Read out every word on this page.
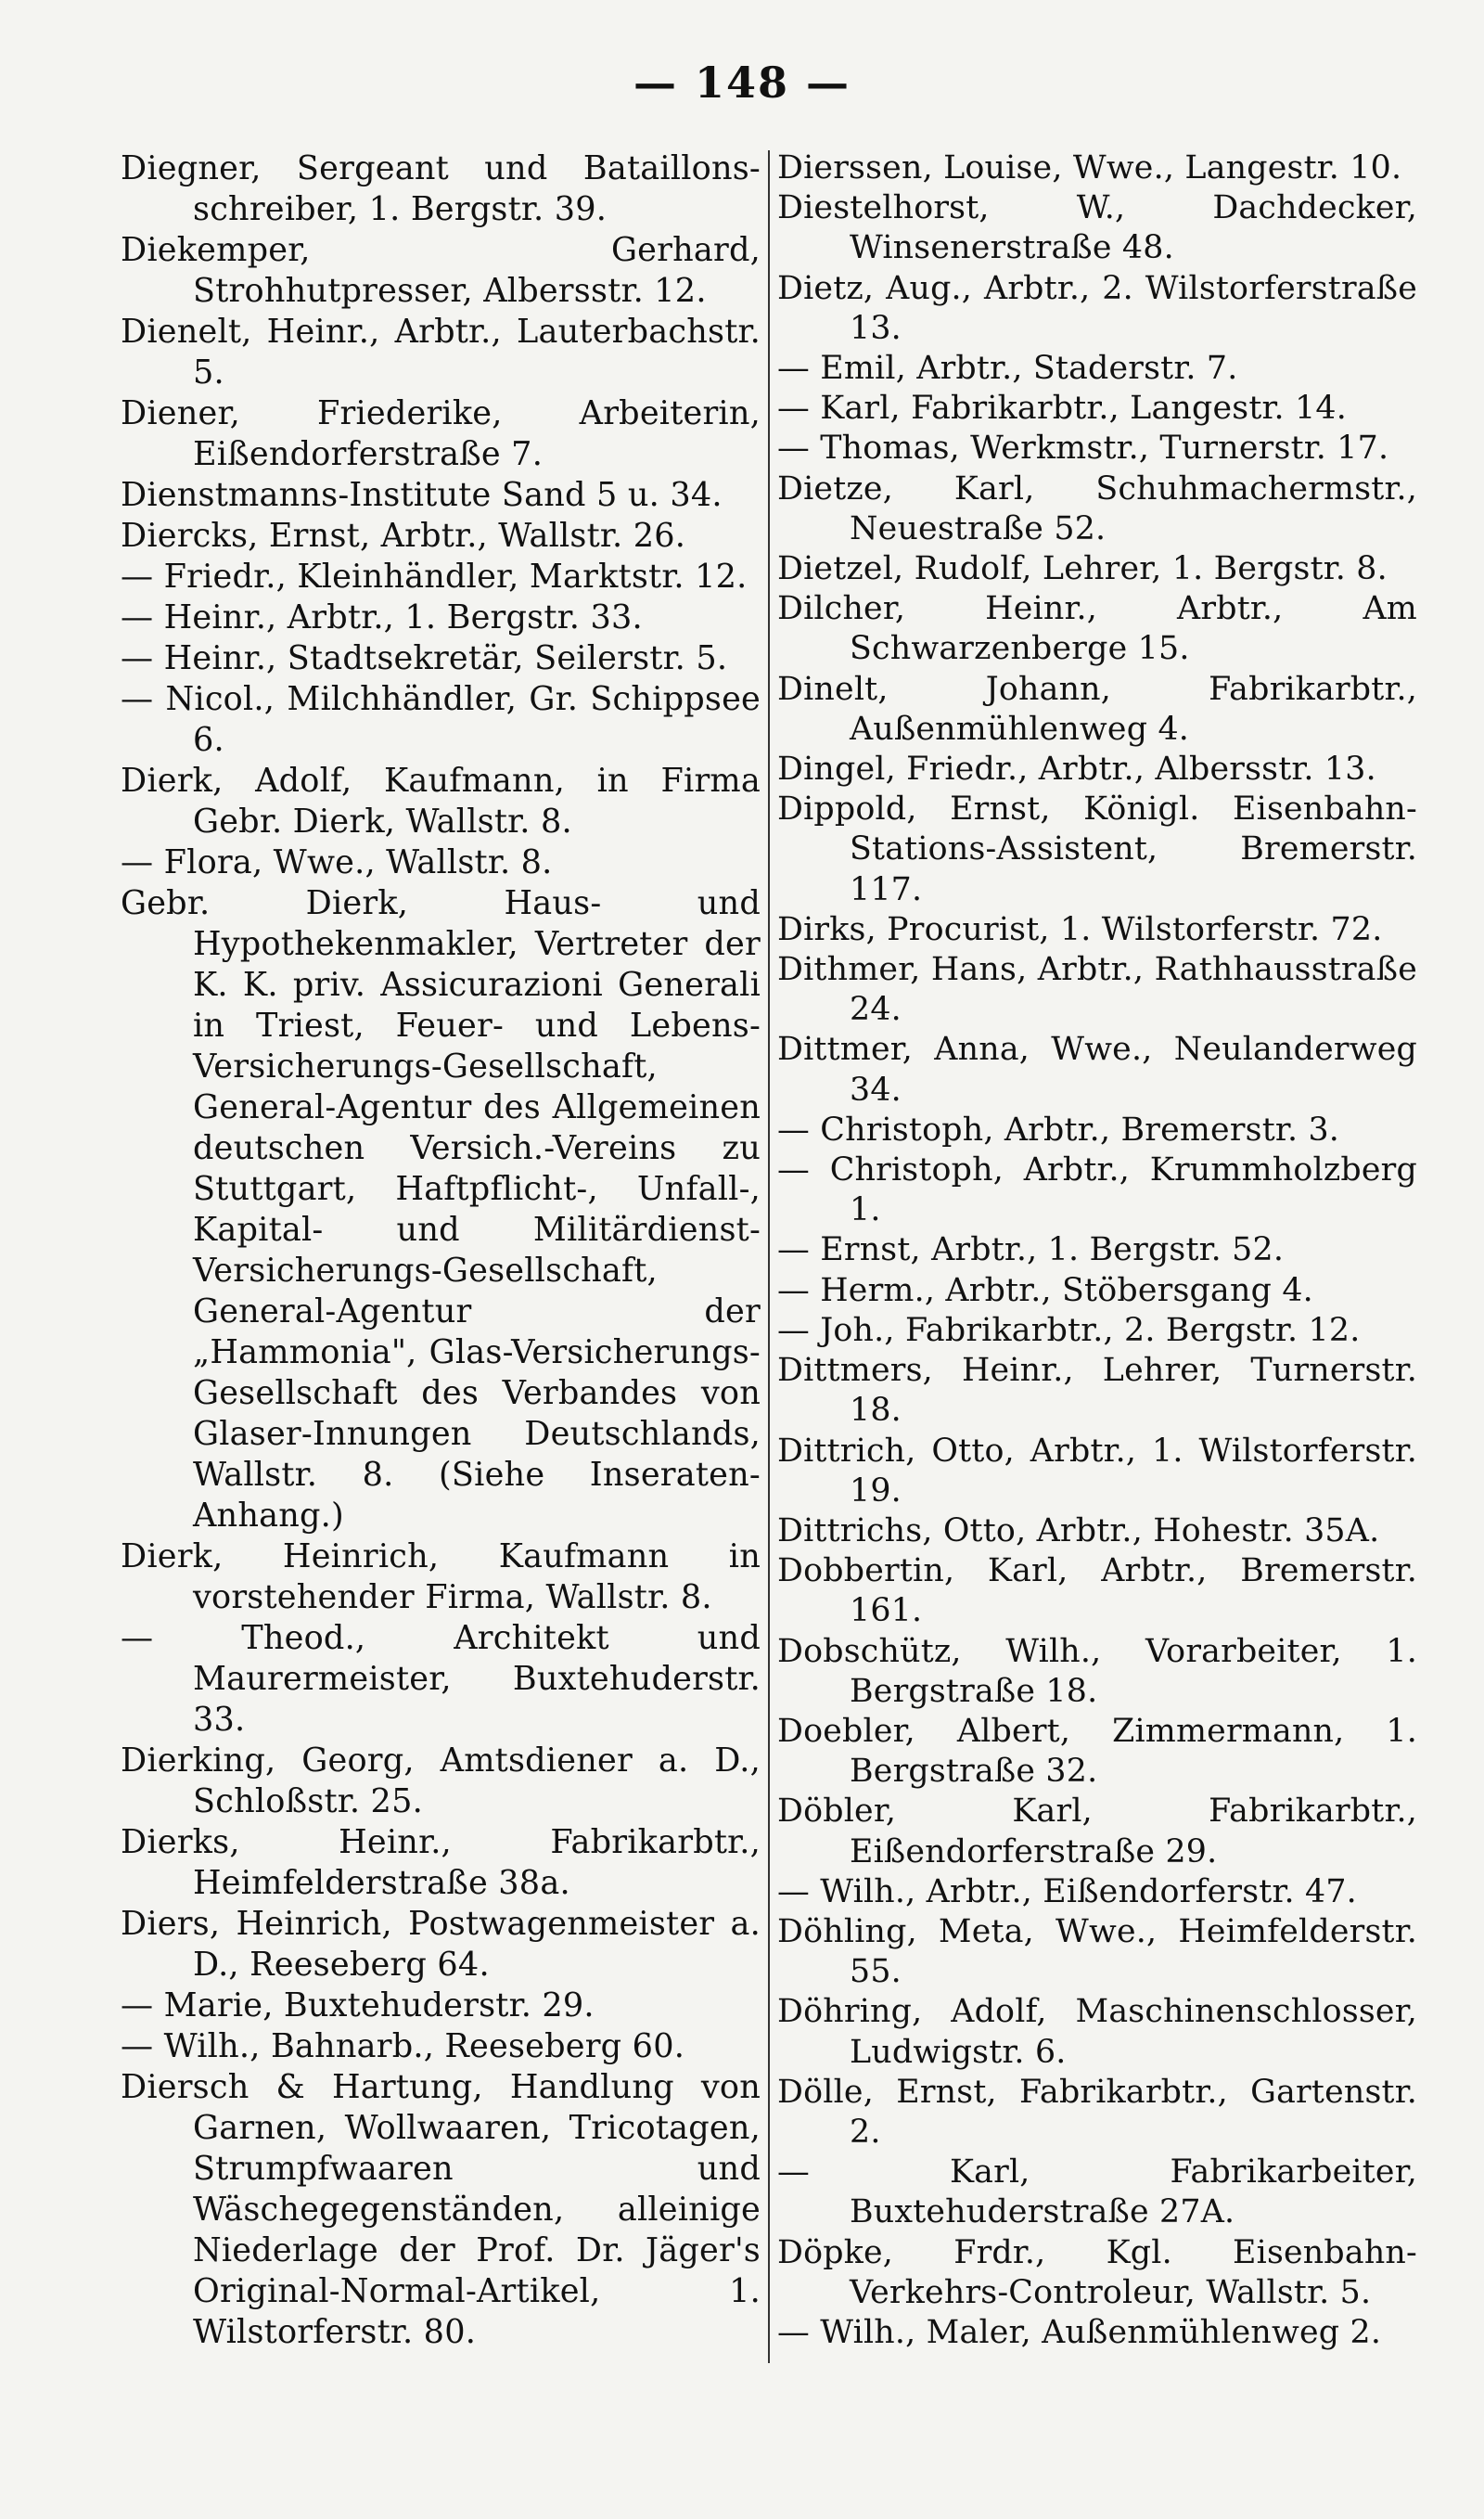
— 148 —
Diegner, Sergeant und Bataillons-schreiber, 1. Bergstr. 39.
Diekemper, Gerhard, Strohhutpresser, Albersstr. 12.
Dienelt, Heinr., Arbtr., Lauterbachstr. 5.
Diener, Friederike, Arbeiterin, Eißendorferstraße 7.
Dienstmanns-Institute Sand 5 u. 34.
Diercks, Ernst, Arbtr., Wallstr. 26.
— Friedr., Kleinhändler, Marktstr. 12.
— Heinr., Arbtr., 1. Bergstr. 33.
— Heinr., Stadtsekretär, Seilerstr. 5.
— Nicol., Milchhändler, Gr. Schippsee 6.
Dierk, Adolf, Kaufmann, in Firma Gebr. Dierk, Wallstr. 8.
— Flora, Wwe., Wallstr. 8.
Gebr. Dierk, Haus- und Hypothekenmakler, Vertreter der K. K. priv. Assicurazioni Generali in Triest, Feuer- und Lebens-Versicherungs-Gesellschaft, General-Agentur des Allgemeinen deutschen Versich.-Vereins zu Stuttgart, Haftpflicht-, Unfall-, Kapital- und Militärdienst-Versicherungs-Gesellschaft, General-Agentur der „Hammonia", Glas-Versicherungs-Gesellschaft des Verbandes von Glaser-Innungen Deutschlands, Wallstr. 8. (Siehe Inseraten-Anhang.)
Dierk, Heinrich, Kaufmann in vorstehender Firma, Wallstr. 8.
— Theod., Architekt und Maurermeister, Buxtehuderstr. 33.
Dierking, Georg, Amtsdiener a. D., Schloßstr. 25.
Dierks, Heinr., Fabrikarbtr., Heimfelderstraße 38a.
Diers, Heinrich, Postwagenmeister a. D., Reeseberg 64.
— Marie, Buxtehuderstr. 29.
— Wilh., Bahnarb., Reeseberg 60.
Diersch & Hartung, Handlung von Garnen, Wollwaaren, Tricotagen, Strumpfwaaren und Wäschegegenständen, alleinige Niederlage der Prof. Dr. Jäger's Original-Normal-Artikel, 1. Wilstorferstr. 80.
Dierssen, Louise, Wwe., Langestr. 10.
Diestelhorst, W., Dachdecker, Winsenerstraße 48.
Dietz, Aug., Arbtr., 2. Wilstorferstraße 13.
— Emil, Arbtr., Staderstr. 7.
— Karl, Fabrikarbtr., Langestr. 14.
— Thomas, Werkmstr., Turnerstr. 17.
Dietze, Karl, Schuhmachermstr., Neuestraße 52.
Dietzel, Rudolf, Lehrer, 1. Bergstr. 8.
Dilcher, Heinr., Arbtr., Am Schwarzenberge 15.
Dinelt, Johann, Fabrikarbtr., Außenmühlenweg 4.
Dingel, Friedr., Arbtr., Albersstr. 13.
Dippold, Ernst, Königl. Eisenbahn-Stations-Assistent, Bremerstr. 117.
Dirks, Procurist, 1. Wilstorferstr. 72.
Dithmer, Hans, Arbtr., Rathhausstraße 24.
Dittmer, Anna, Wwe., Neulanderweg 34.
— Christoph, Arbtr., Bremerstr. 3.
— Christoph, Arbtr., Krummholzberg 1.
— Ernst, Arbtr., 1. Bergstr. 52.
— Herm., Arbtr., Stöbersgang 4.
— Joh., Fabrikarbtr., 2. Bergstr. 12.
Dittmers, Heinr., Lehrer, Turnerstr. 18.
Dittrich, Otto, Arbtr., 1. Wilstorferstr. 19.
Dittrichs, Otto, Arbtr., Hohestr. 35A.
Dobbertin, Karl, Arbtr., Bremerstr. 161.
Dobschütz, Wilh., Vorarbeiter, 1. Bergstraße 18.
Doebler, Albert, Zimmermann, 1. Bergstraße 32.
Döbler, Karl, Fabrikarbtr., Eißendorferstraße 29.
— Wilh., Arbtr., Eißendorferstr. 47.
Döhling, Meta, Wwe., Heimfelderstr. 55.
Döhring, Adolf, Maschinenschlosser, Ludwigstr. 6.
Dölle, Ernst, Fabrikarbtr., Gartenstr. 2.
— Karl, Fabrikarbeiter, Buxtehuderstraße 27A.
Döpke, Frdr., Kgl. Eisenbahn-Verkehrs-Controleur, Wallstr. 5.
— Wilh., Maler, Außenmühlenweg 2.
